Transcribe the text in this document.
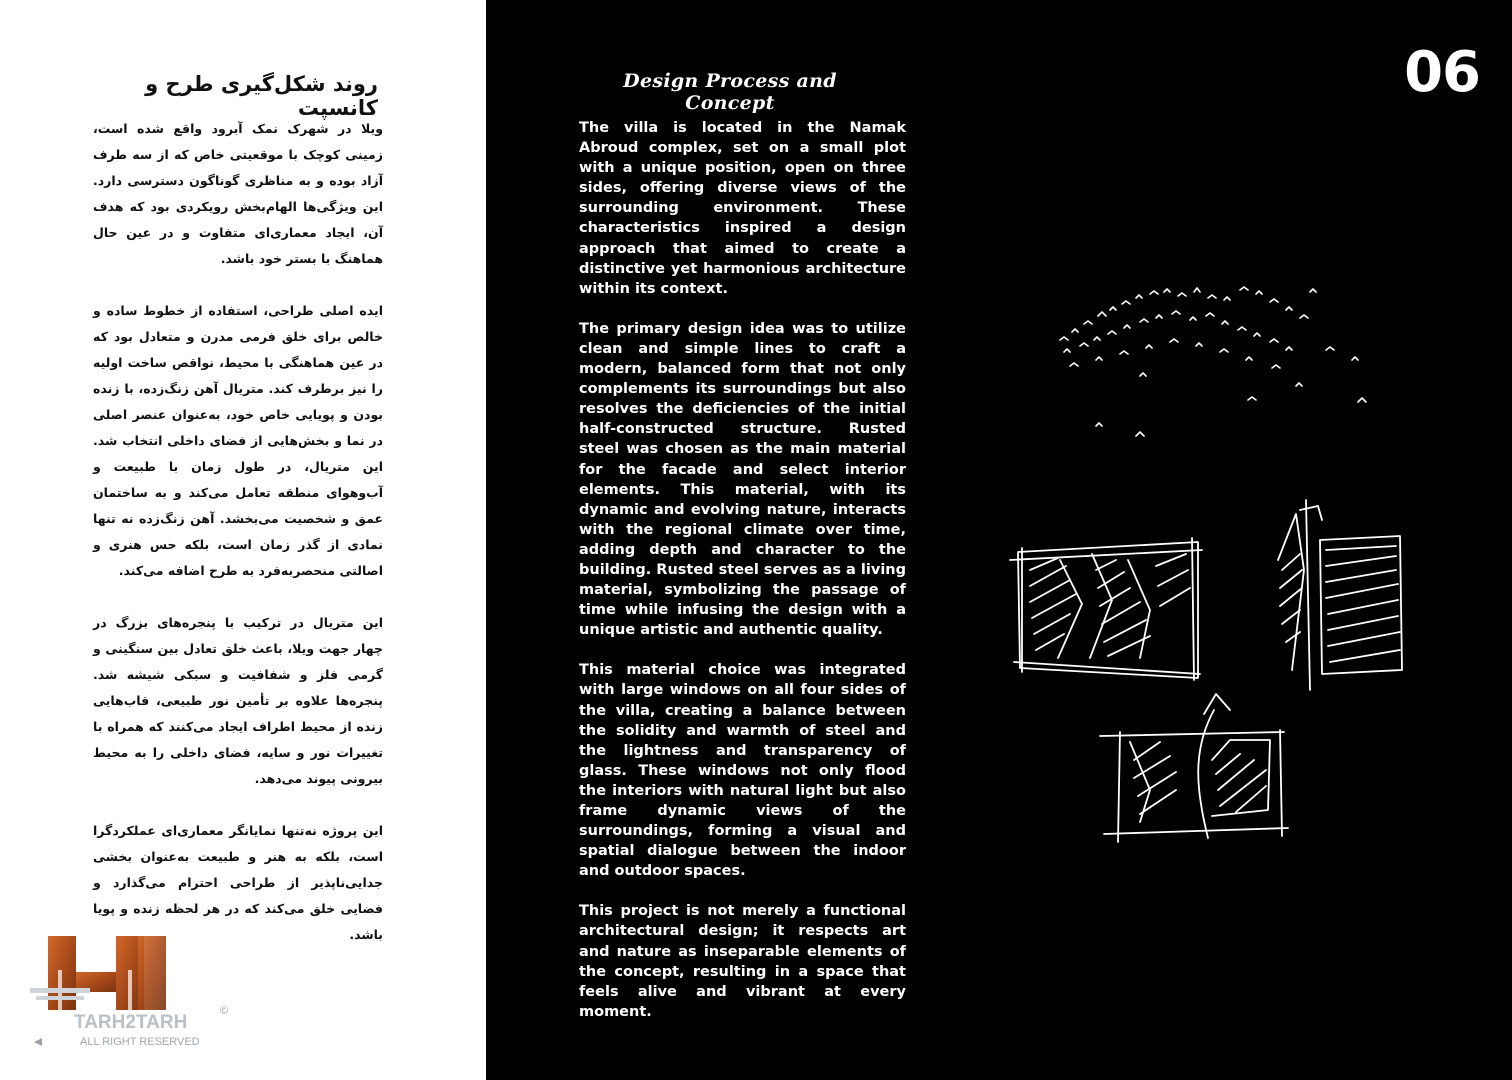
روند شکل‌گیری طرح و کانسپت

ویلا در شهرک نمک آبرود واقع شده است، زمینی کوچک با موقعیتی خاص که از سه طرف آزاد بوده و به مناظری گوناگون دسترسی دارد. این ویژگی‌ها الهام‌بخش رویکردی بود که هدف آن، ایجاد معماری‌ای متفاوت و در عین حال هماهنگ با بستر خود باشد.

ایده اصلی طراحی، استفاده از خطوط ساده و خالص برای خلق فرمی مدرن و متعادل بود که در عین هماهنگی با محیط، نواقص ساخت اولیه را نیز برطرف کند. متریال آهن زنگ‌زده، با زنده بودن و پویایی خاص خود، به‌عنوان عنصر اصلی در نما و بخش‌هایی از فضای داخلی انتخاب شد. این متریال، در طول زمان با طبیعت و آب‌وهوای منطقه تعامل می‌کند و به ساختمان عمق و شخصیت می‌بخشد. آهن زنگ‌زده نه تنها نمادی از گذر زمان است، بلکه حس هنری و اصالتی منحصربه‌فرد به طرح اضافه می‌کند.

این متریال در ترکیب با پنجره‌های بزرگ در چهار جهت ویلا، باعث خلق تعادل بین سنگینی و گرمی فلز و شفافیت و سبکی شیشه شد. پنجره‌ها علاوه بر تأمین نور طبیعی، قاب‌هایی زنده از محیط اطراف ایجاد می‌کنند که همراه با تغییرات نور و سایه، فضای داخلی را به محیط بیرونی پیوند می‌دهد.

این پروژه نه‌تنها نمایانگر معماری‌ای عملکردگرا است، بلکه به هنر و طبیعت به‌عنوان بخشی جدایی‌ناپذیر از طراحی احترام می‌گذارد و فضایی خلق می‌کند که در هر لحظه زنده و پویا باشد.

TARH2TARH
ALL RIGHT RESERVED
©
Design Process and Concept

The villa is located in the Namak Abroud complex, set on a small plot with a unique position, open on three sides, offering diverse views of the surrounding environment. These characteristics inspired a design approach that aimed to create a distinctive yet harmonious architecture within its context.

The primary design idea was to utilize clean and simple lines to craft a modern, balanced form that not only complements its surroundings but also resolves the deficiencies of the initial half-constructed structure. Rusted steel was chosen as the main material for the facade and select interior elements. This material, with its dynamic and evolving nature, interacts with the regional climate over time, adding depth and character to the building. Rusted steel serves as a living material, symbolizing the passage of time while infusing the design with a unique artistic and authentic quality.

This material choice was integrated with large windows on all four sides of the villa, creating a balance between the solidity and warmth of steel and the lightness and transparency of glass. These windows not only flood the interiors with natural light but also frame dynamic views of the surroundings, forming a visual and spatial dialogue between the indoor and outdoor spaces.

This project is not merely a functional architectural design; it respects art and nature as inseparable elements of the concept, resulting in a space that feels alive and vibrant at every moment.

06
